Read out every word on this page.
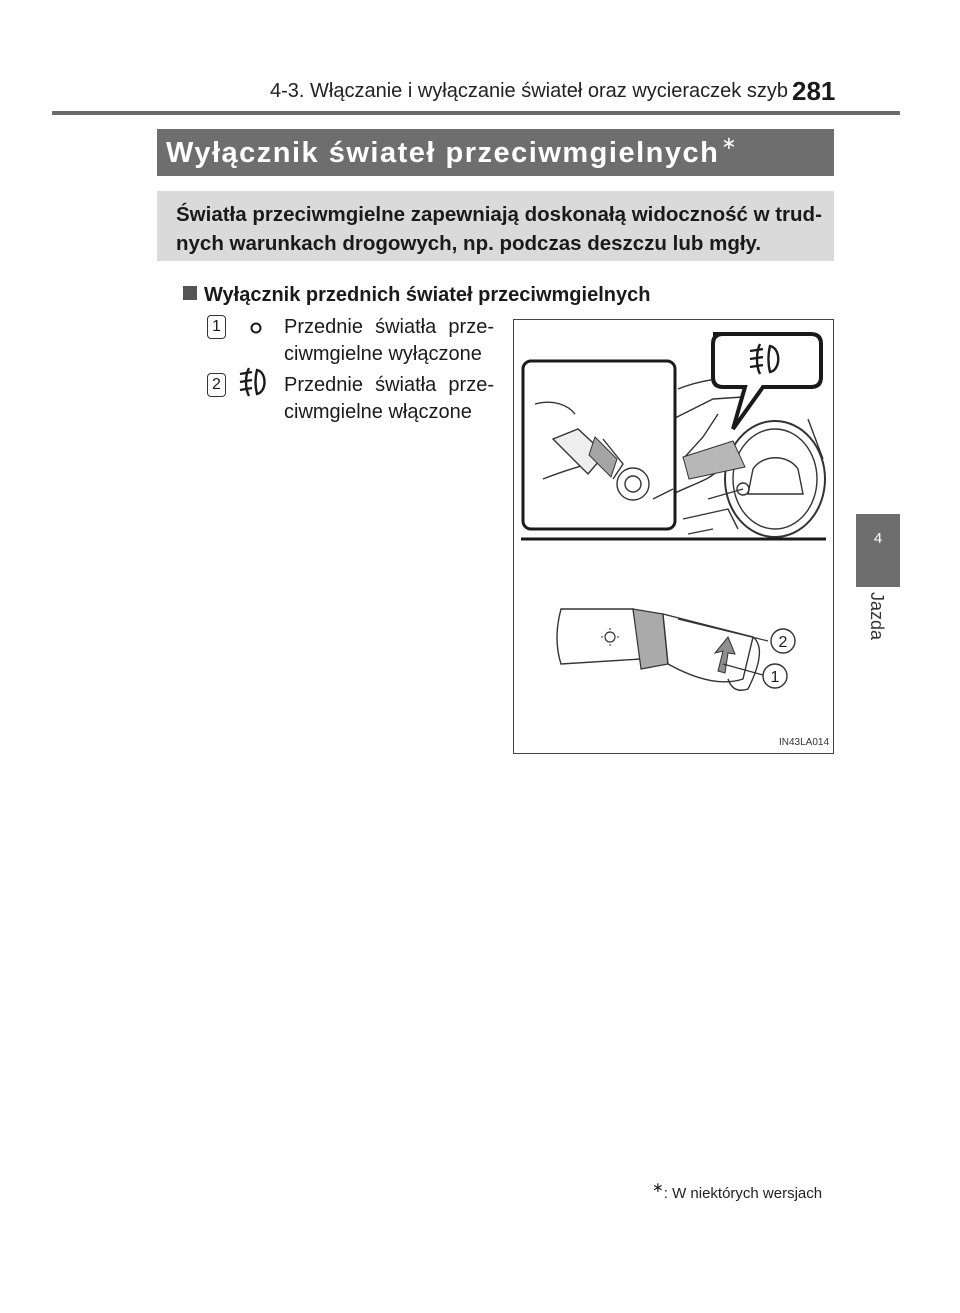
4-3. Włączanie i wyłączanie świateł oraz wycieraczek szyb 281
Wyłącznik świateł przeciwmgielnych ∗
Światła przeciwmgielne zapewniają doskonałą widoczność w trudnych warunkach drogowych, np. podczas deszczu lub mgły.
Wyłącznik przednich świateł przeciwmgielnych
1	Przednie światła prze-
ciwmgielne wyłączone
2	Przednie światła prze-
ciwmgielne włączone
2
1
IN43LA014
4
Jazda
∗: W niektórych wersjach
